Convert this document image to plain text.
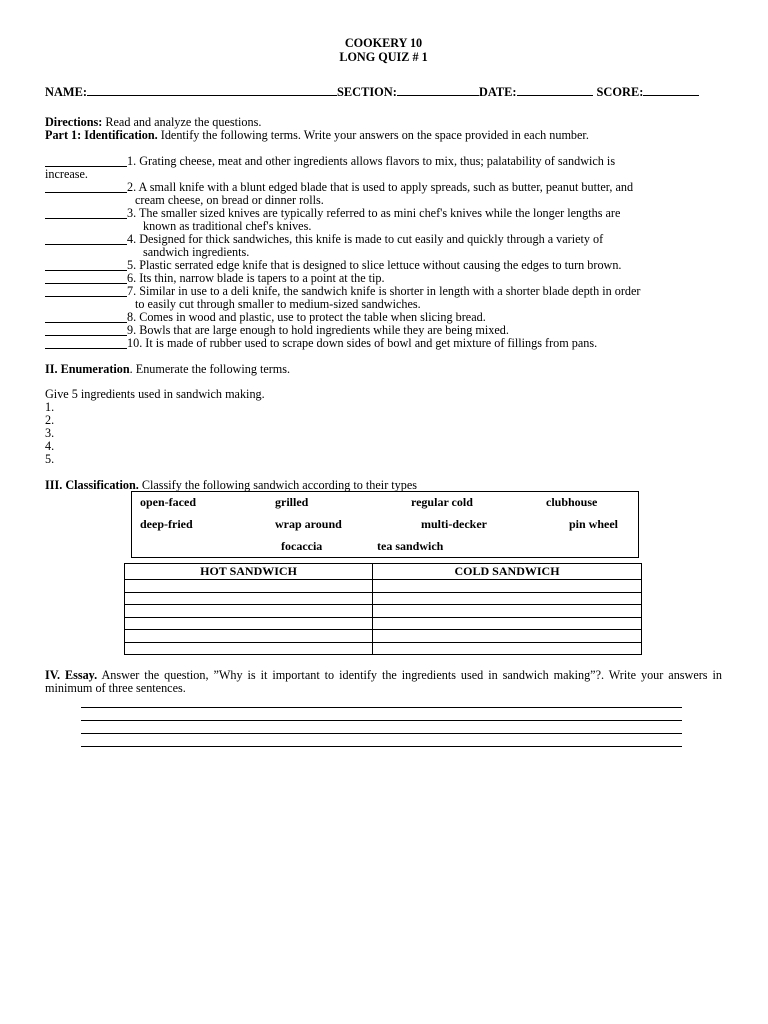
COOKERY 10
LONG QUIZ # 1
NAME:	SECTION:	DATE:	SCORE:
Directions: Read and analyze the questions.
Part 1: Identification. Identify the following terms. Write your answers on the space provided in each number.
1. Grating cheese, meat and other ingredients allows flavors to mix, thus; palatability of sandwich is
increase.
2. A small knife with a blunt edged blade that is used to apply spreads, such as butter, peanut butter, and
cream cheese, on bread or dinner rolls.
3. The smaller sized knives are typically referred to as mini chef's knives while the longer lengths are
known as traditional chef's knives.
4. Designed for thick sandwiches, this knife is made to cut easily and quickly through a variety of
sandwich ingredients.
5. Plastic serrated edge knife that is designed to slice lettuce without causing the edges to turn brown.
6. Its thin, narrow blade is tapers to a point at the tip.
7. Similar in use to a deli knife, the sandwich knife is shorter in length with a shorter blade depth in order
to easily cut through smaller to medium-sized sandwiches.
8. Comes in wood and plastic, use to protect the table when slicing bread.
9. Bowls that are large enough to hold ingredients while they are being mixed.
10. It is made of rubber used to scrape down sides of bowl and get mixture of fillings from pans.
II. Enumeration. Enumerate the following terms.
Give 5 ingredients used in sandwich making.
1.
2.
3.
4.
5.
III. Classification. Classify the following sandwich according to their types
open-faced	grilled	regular cold	clubhouse
deep-fried	wrap around	multi-decker	pin wheel
focaccia	tea sandwich
HOT SANDWICH	COLD SANDWICH

IV. Essay. Answer the question, ”Why is it important to identify the ingredients used in sandwich making”?. Write your answers in minimum of three sentences.
